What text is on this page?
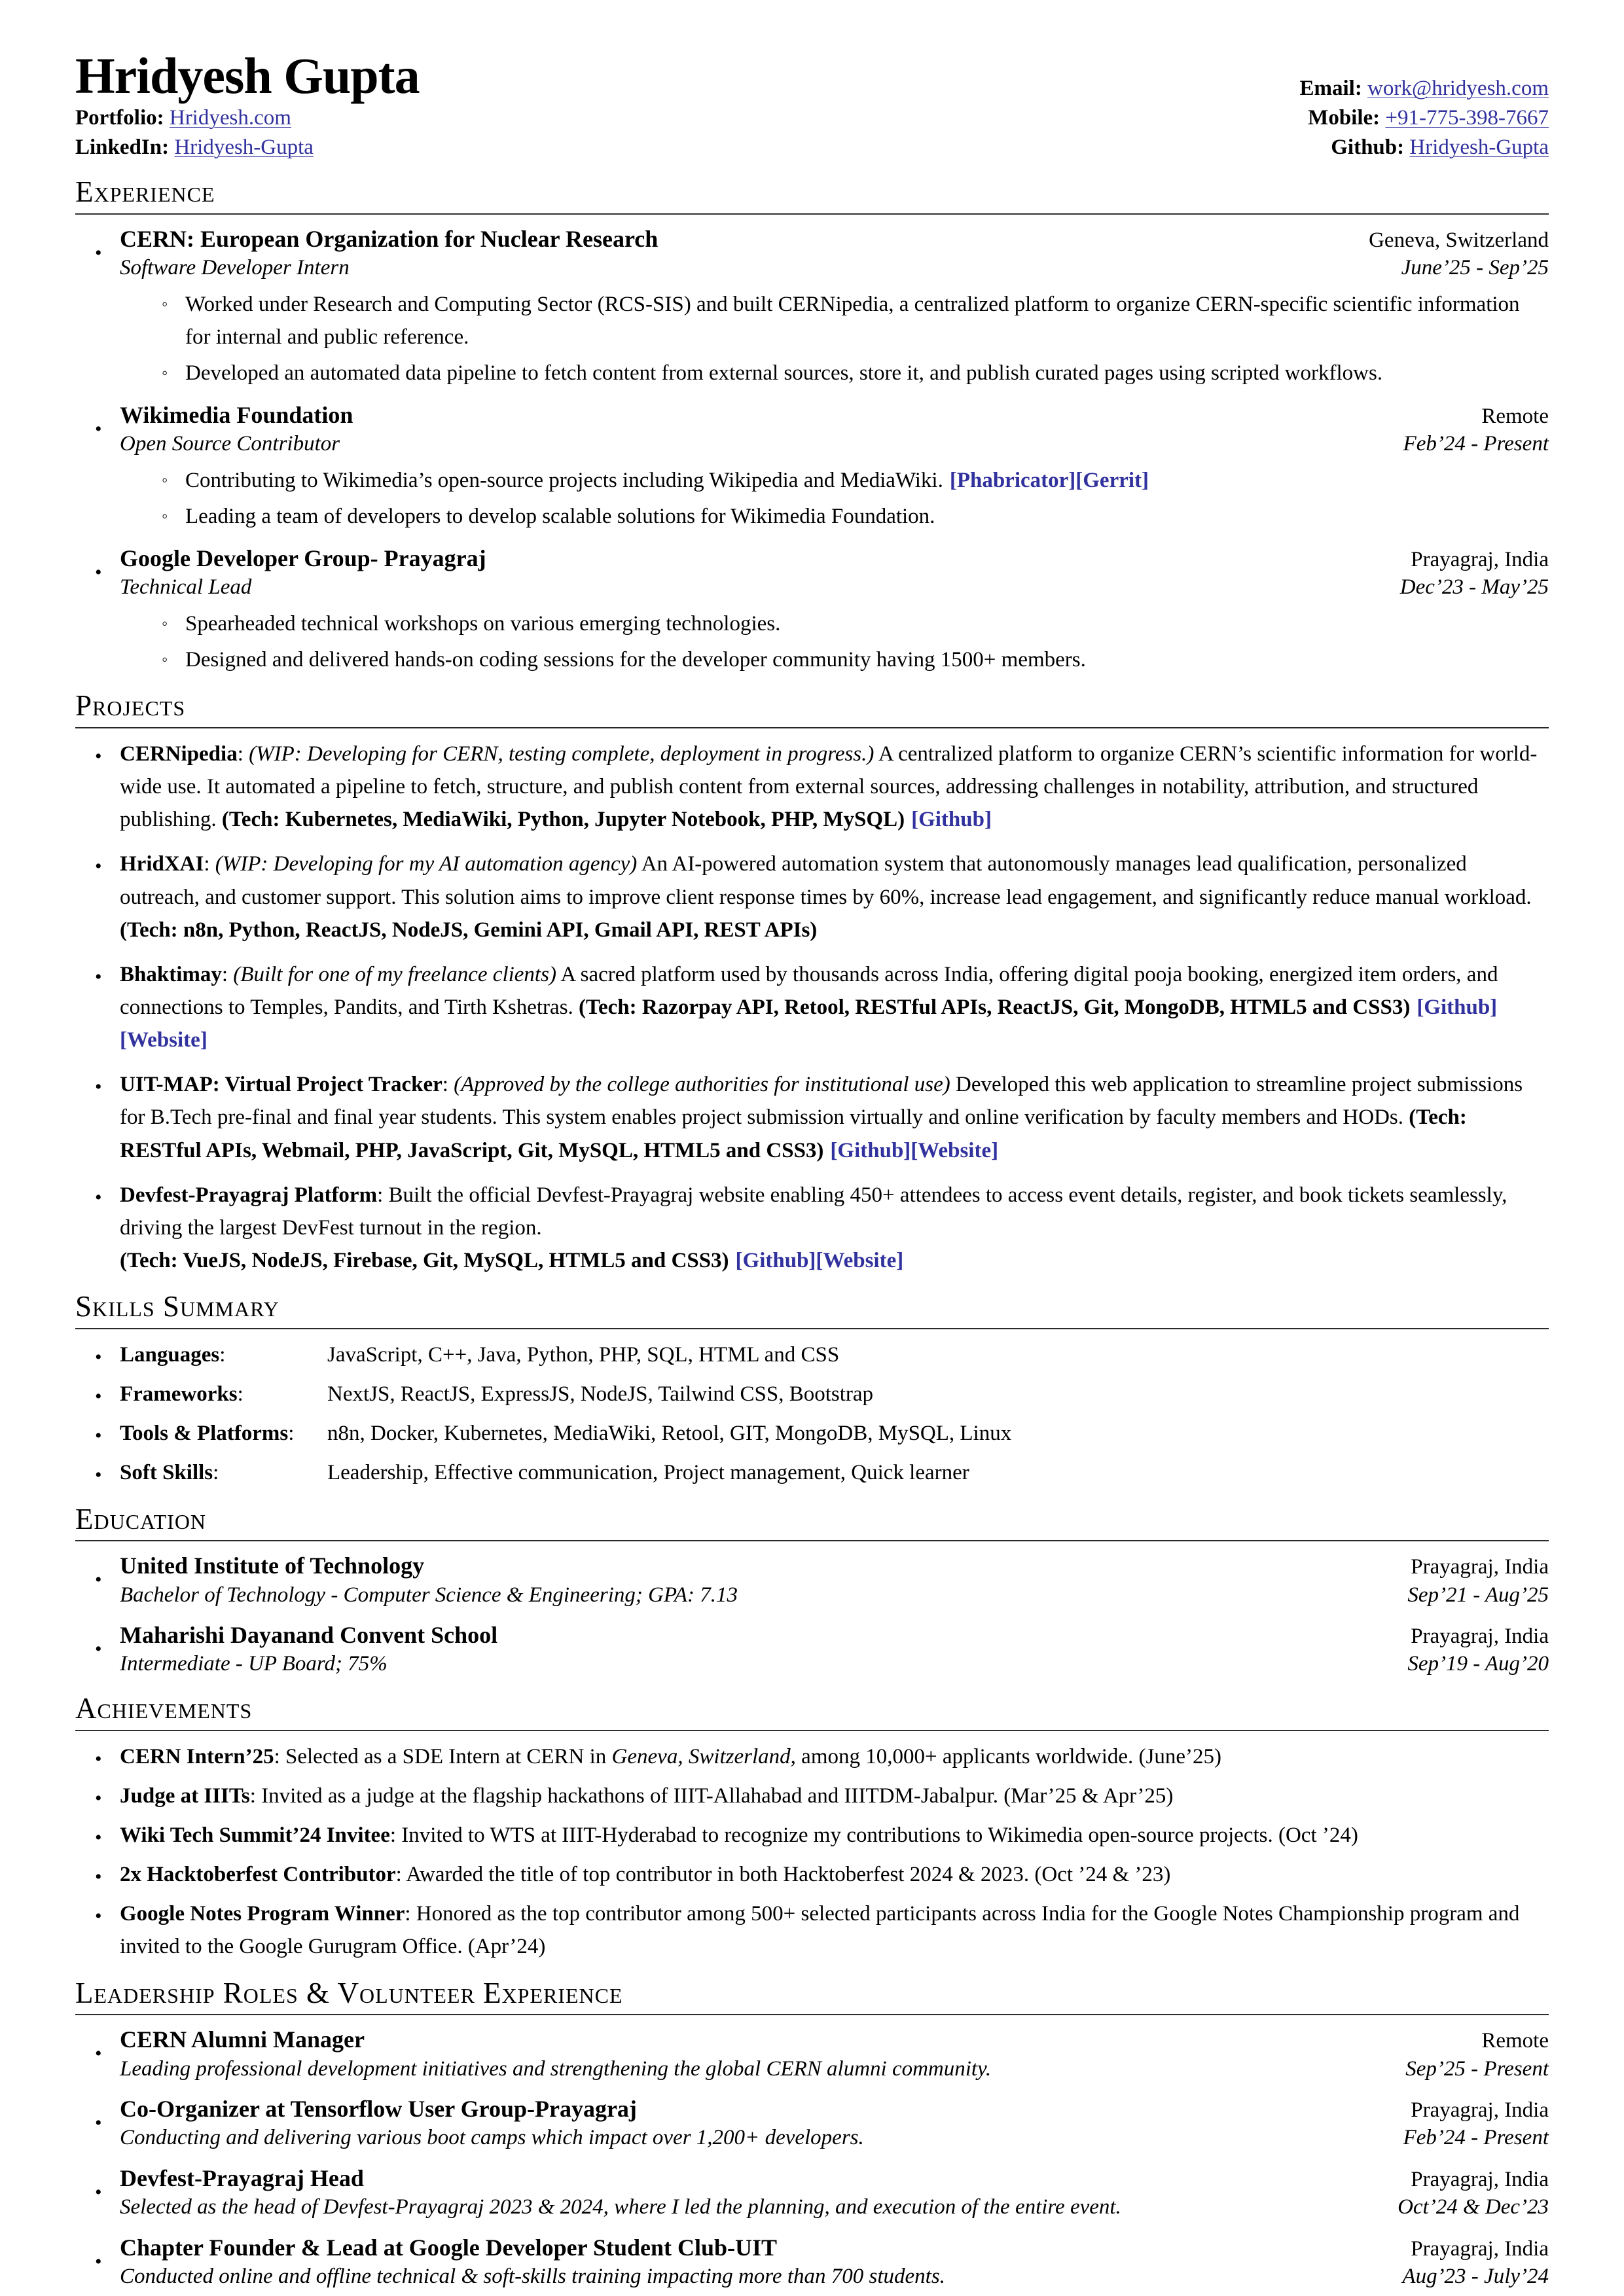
Hridyesh Gupta
Portfolio: Hridyesh.com
LinkedIn: Hridyesh-Gupta
Email: work@hridyesh.com
Mobile: +91-775-398-7667
Github: Hridyesh-Gupta
Experience
•
CERN: European Organization for Nuclear Research	Geneva, Switzerland
Software Developer Intern	June’25 - Sep’25
◦ Worked under Research and Computing Sector (RCS-SIS) and built CERNipedia, a centralized platform to organize CERN-specific scientific information for internal and public reference.
◦ Developed an automated data pipeline to fetch content from external sources, store it, and publish curated pages using scripted workflows.
•
Wikimedia Foundation	Remote
Open Source Contributor	Feb’24 - Present
◦ Contributing to Wikimedia’s open-source projects including Wikipedia and MediaWiki. [Phabricator][Gerrit]
◦ Leading a team of developers to develop scalable solutions for Wikimedia Foundation.
•
Google Developer Group- Prayagraj	Prayagraj, India
Technical Lead	Dec’23 - May’25
◦ Spearheaded technical workshops on various emerging technologies.
◦ Designed and delivered hands-on coding sessions for the developer community having 1500+ members.
Projects
• CERNipedia: (WIP: Developing for CERN, testing complete, deployment in progress.) A centralized platform to organize CERN’s scientific information for world-wide use. It automated a pipeline to fetch, structure, and publish content from external sources, addressing challenges in notability, attribution, and structured publishing. (Tech: Kubernetes, MediaWiki, Python, Jupyter Notebook, PHP, MySQL) [Github]
• HridXAI: (WIP: Developing for my AI automation agency) An AI-powered automation system that autonomously manages lead qualification, personalized outreach, and customer support. This solution aims to improve client response times by 60%, increase lead engagement, and significantly reduce manual workload. (Tech: n8n, Python, ReactJS, NodeJS, Gemini API, Gmail API, REST APIs)
• Bhaktimay: (Built for one of my freelance clients) A sacred platform used by thousands across India, offering digital pooja booking, energized item orders, and connections to Temples, Pandits, and Tirth Kshetras. (Tech: Razorpay API, Retool, RESTful APIs, ReactJS, Git, MongoDB, HTML5 and CSS3) [Github][Website]
• UIT-MAP: Virtual Project Tracker: (Approved by the college authorities for institutional use) Developed this web application to streamline project submissions for B.Tech pre-final and final year students. This system enables project submission virtually and online verification by faculty members and HODs. (Tech: RESTful APIs, Webmail, PHP, JavaScript, Git, MySQL, HTML5 and CSS3) [Github][Website]
• Devfest-Prayagraj Platform: Built the official Devfest-Prayagraj website enabling 450+ attendees to access event details, register, and book tickets seamlessly, driving the largest DevFest turnout in the region.
(Tech: VueJS, NodeJS, Firebase, Git, MySQL, HTML5 and CSS3) [Github][Website]
Skills Summary
• Languages:	JavaScript, C++, Java, Python, PHP, SQL, HTML and CSS
• Frameworks:	NextJS, ReactJS, ExpressJS, NodeJS, Tailwind CSS, Bootstrap
• Tools & Platforms:	n8n, Docker, Kubernetes, MediaWiki, Retool, GIT, MongoDB, MySQL, Linux
• Soft Skills:	Leadership, Effective communication, Project management, Quick learner
Education
•
United Institute of Technology	Prayagraj, India
Bachelor of Technology - Computer Science & Engineering; GPA: 7.13	Sep’21 - Aug’25
•
Maharishi Dayanand Convent School	Prayagraj, India
Intermediate - UP Board; 75%	Sep’19 - Aug’20
Achievements
• CERN Intern’25: Selected as a SDE Intern at CERN in Geneva, Switzerland, among 10,000+ applicants worldwide. (June’25)
• Judge at IIITs: Invited as a judge at the flagship hackathons of IIIT-Allahabad and IIITDM-Jabalpur. (Mar’25 & Apr’25)
• Wiki Tech Summit’24 Invitee: Invited to WTS at IIIT-Hyderabad to recognize my contributions to Wikimedia open-source projects. (Oct ’24)
• 2x Hacktoberfest Contributor: Awarded the title of top contributor in both Hacktoberfest 2024 & 2023. (Oct ’24 & ’23)
• Google Notes Program Winner: Honored as the top contributor among 500+ selected participants across India for the Google Notes Championship program and invited to the Google Gurugram Office. (Apr’24)
Leadership Roles & Volunteer Experience
•
CERN Alumni Manager	Remote
Leading professional development initiatives and strengthening the global CERN alumni community.	Sep’25 - Present
•
Co-Organizer at Tensorflow User Group-Prayagraj	Prayagraj, India
Conducting and delivering various boot camps which impact over 1,200+ developers.	Feb’24 - Present
•
Devfest-Prayagraj Head	Prayagraj, India
Selected as the head of Devfest-Prayagraj 2023 & 2024, where I led the planning, and execution of the entire event.	Oct’24 & Dec’23
•
Chapter Founder & Lead at Google Developer Student Club-UIT	Prayagraj, India
Conducted online and offline technical & soft-skills training impacting more than 700 students.	Aug’23 - July’24
